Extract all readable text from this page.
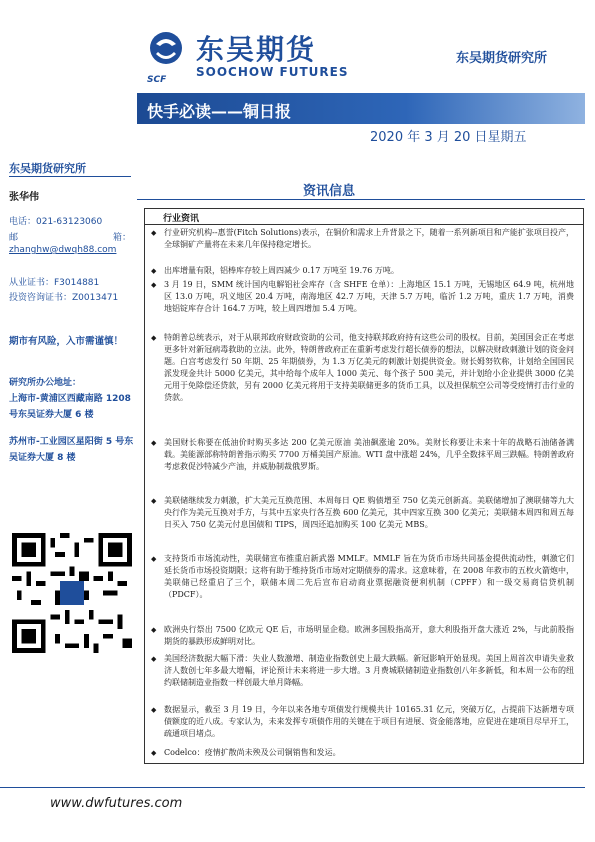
SCF
东吴期货
SOOCHOW FUTURES
东吴期货研究所
快手必读——铜日报
2020 年 3 月 20 日星期五
东吴期货研究所
张华伟
电话：021-63123060
邮	箱：
zhanghw@dwqh88.com
从业证书：F3014881
投资咨询证书：Z0013471
期市有风险，入市需谨慎！
研究所办公地址：
上海市-黄浦区西藏南路 1208 号东吴证券大厦 6 楼
苏州市-工业园区星阳街 5 号东吴证券大厦 8 楼
资讯信息
行业资讯
◆ 行业研究机构--惠誉(Fitch Solutions)表示，在铜价和需求上升背景之下，随着一系列新项目和产能扩张项目投产，全球铜矿产量将在未来几年保持稳定增长。
◆ 出库增量有限，铝棒库存较上周四减少 0.17 万吨至 19.76 万吨。
◆ 3 月 19 日，SMM 统计国内电解铝社会库存（含 SHFE 仓单）：上海地区 15.1 万吨，无锡地区 64.9 吨，杭州地区 13.0 万吨，巩义地区 20.4 万吨，南海地区 42.7 万吨，天津 5.7 万吨，临沂 1.2 万吨，重庆 1.7 万吨，消费地铝锭库存合计 164.7 万吨，较上周四增加 5.4 万吨。
◆ 特朗普总统表示，对于从联邦政府财政资助的公司，他支持联邦政府持有这些公司的股权。目前，美国国会正在考虑更多针对新冠病毒救助的立法。此外，特朗普政府正在重新考虑发行超长债券的想法，以解决财政刺激计划的资金问题。白宫考虑发行 50 年期、25 年期债券，为 1.3 万亿美元的刺激计划提供资金。财长姆努钦称，计划给全国国民派发现金共计 5000 亿美元，其中给每个成年人 1000 美元、每个孩子 500 美元，并计划给小企业提供 3000 亿美元用于免除偿还贷款，另有 2000 亿美元将用于支持美联储更多的货币工具，以及担保航空公司等受疫情打击行业的贷款。
◆ 美国财长称要在低油价时购买多达 200 亿美元原油 美油飙涨逾 20%。美财长称要让未来十年的战略石油储备满载。美能源部称特朗普指示购买 7700 万桶美国产原油。WTI 盘中涨超 24%，几乎全数抹平周三跌幅。特朗普政府考虑救促沙特减少产油，并威胁制裁俄罗斯。
◆ 美联储继续发力刺激，扩大美元互换范围、本周每日 QE 购债增至 750 亿美元创新高。美联储增加了澳联储等九大央行作为美元互换对手方，与其中五家央行各互换 600 亿美元，其中四家互换 300 亿美元；美联储本周四和周五每日买入 750 亿美元付息国债和 TIPS，周四还追加购买 100 亿美元 MBS。
◆ 支持货币市场流动性，美联储宣布推重启新武器 MMLF。MMLF 旨在为货币市场共同基金提供流动性，刺激它们延长货币市场投资期限；这将有助于维持货币市场对定期债券的需求。这意味着，在 2008 年救市的五枚火箭炮中，美联储已经重启了三个，联储本周二先后宣布启动商业票据融资便利机制（CPFF）和一级交易商信贷机制（PDCF）。
◆ 欧洲央行祭出 7500 亿欧元 QE 后，市场明显企稳。欧洲多国股指高开，意大利股指开盘大涨近 2%，与此前股指期货的暴跌形成鲜明对比。
◆ 美国经济数据大幅下滑：失业人数激增、制造业指数创史上最大跌幅。新冠影响开始显现。美国上周首次申请失业救济人数创七年多最大增幅，评论预计未来将进一步大增。3 月费城联储制造业指数创八年多新低，和本周一公布的纽约联储制造业指数一样创最大单月降幅。
◆ 数据显示，截至 3 月 19 日，今年以来各地专项债发行规模共计 10165.31 亿元，突破万亿，占提前下达新增专项债额度的近八成。专家认为，未来发挥专项债作用的关键在于项目有进展、资金能落地，应促进在建项目尽早开工，疏通项目堵点。
◆ Codelco：疫情扩散尚未殃及公司铜销售和发运。
www.dwfutures.com
